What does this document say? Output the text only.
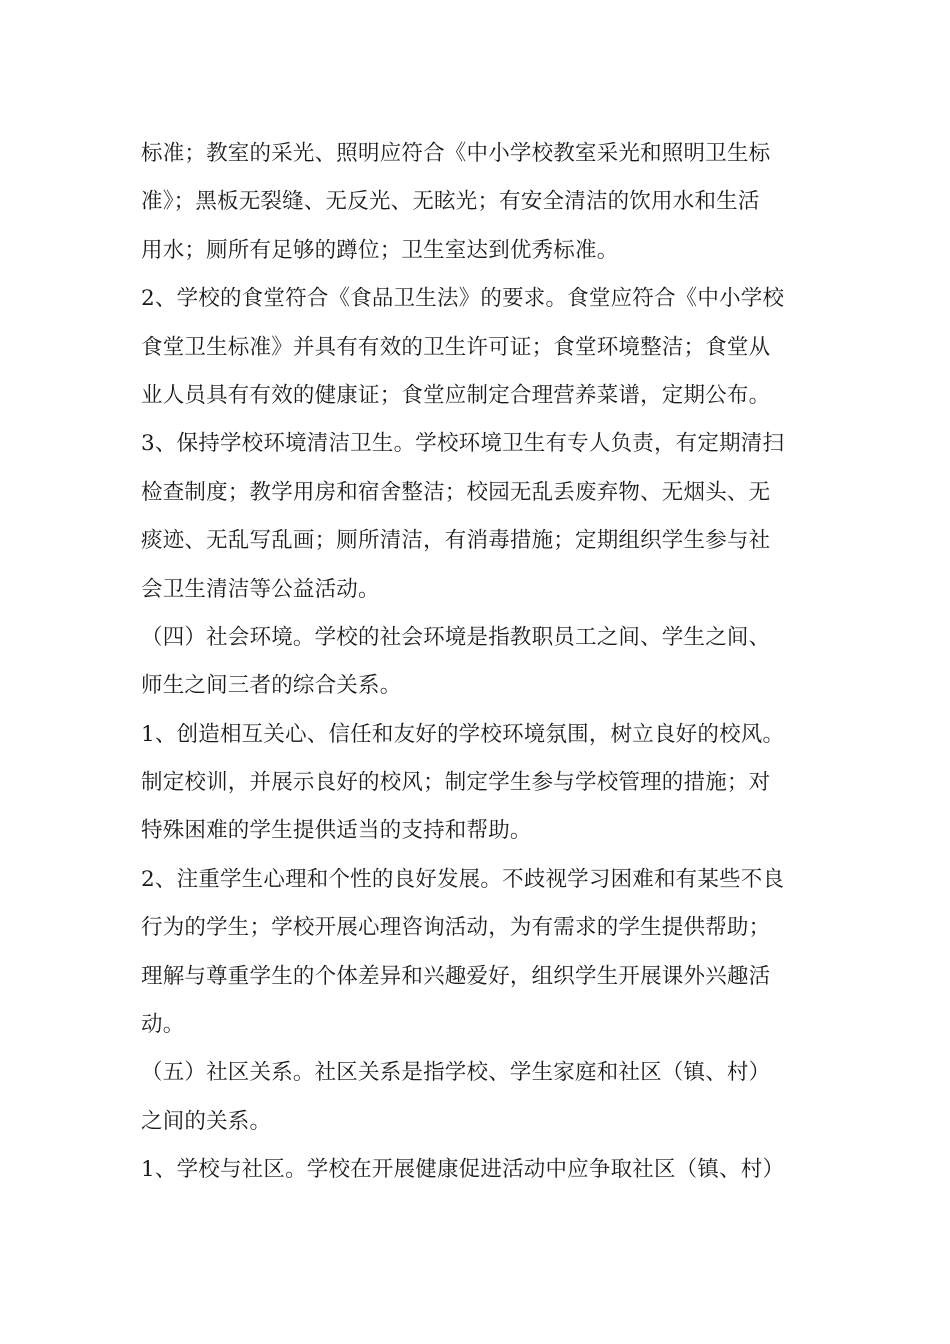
标准；教室的采光、照明应符合《中小学校教室采光和照明卫生标
准》；黑板无裂缝、无反光、无眩光；有安全清洁的饮用水和生活
用水；厕所有足够的蹲位；卫生室达到优秀标准。
2、学校的食堂符合《食品卫生法》的要求。食堂应符合《中小学校
食堂卫生标准》并具有有效的卫生许可证；食堂环境整洁；食堂从
业人员具有有效的健康证；食堂应制定合理营养菜谱，定期公布。
3、保持学校环境清洁卫生。学校环境卫生有专人负责，有定期清扫
检查制度；教学用房和宿舍整洁；校园无乱丢废弃物、无烟头、无
痰迹、无乱写乱画；厕所清洁，有消毒措施；定期组织学生参与社
会卫生清洁等公益活动。
（四）社会环境。学校的社会环境是指教职员工之间、学生之间、
师生之间三者的综合关系。
1、创造相互关心、信任和友好的学校环境氛围，树立良好的校风。
制定校训，并展示良好的校风；制定学生参与学校管理的措施；对
特殊困难的学生提供适当的支持和帮助。
2、注重学生心理和个性的良好发展。不歧视学习困难和有某些不良
行为的学生；学校开展心理咨询活动，为有需求的学生提供帮助；
理解与尊重学生的个体差异和兴趣爱好，组织学生开展课外兴趣活
动。
（五）社区关系。社区关系是指学校、学生家庭和社区（镇、村）
之间的关系。
1、学校与社区。学校在开展健康促进活动中应争取社区（镇、村）
